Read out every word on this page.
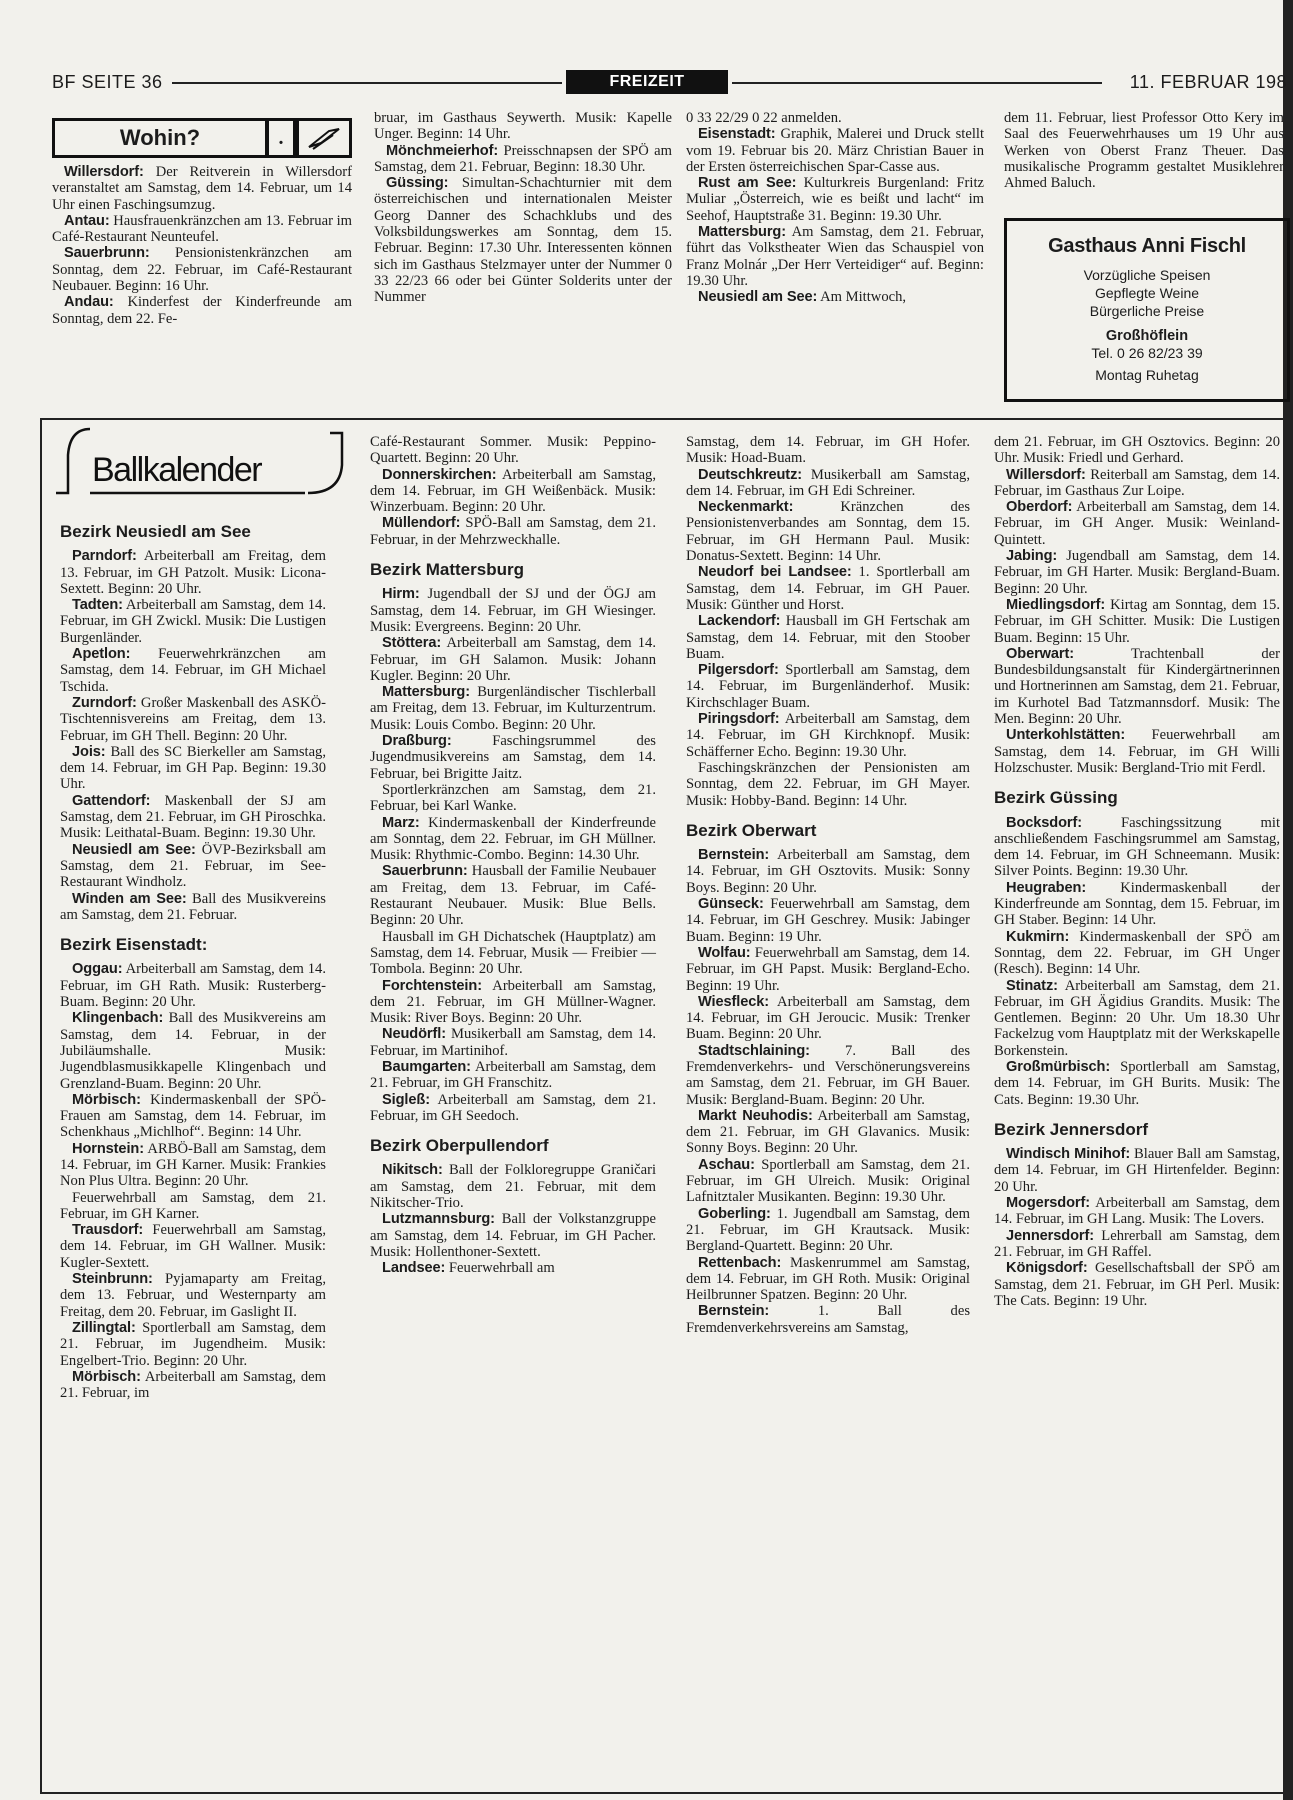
BF SEITE 36	FREIZEIT	11. FEBRUAR 198
Wohin?	.

Willersdorf: Der Reitverein in Willersdorf veranstaltet am Samstag, dem 14. Februar, um 14 Uhr einen Faschingsumzug.

Antau: Hausfrauenkränzchen am 13. Februar im Café-Restaurant Neunteufel.

Sauerbrunn: Pensionistenkränzchen am Sonntag, dem 22. Februar, im Café-Restaurant Neubauer. Beginn: 16 Uhr.

Andau: Kinderfest der Kinderfreunde am Sonntag, dem 22. Fe-

bruar, im Gasthaus Seywerth. Musik: Kapelle Unger. Beginn: 14 Uhr.

Mönchmeierhof: Preisschnapsen der SPÖ am Samstag, dem 21. Februar, Beginn: 18.30 Uhr.

Güssing: Simultan-Schachturnier mit dem österreichischen und internationalen Meister Georg Danner des Schachklubs und des Volksbildungswerkes am Sonntag, dem 15. Februar. Beginn: 17.30 Uhr. Interessenten können sich im Gasthaus Stelzmayer unter der Nummer 0 33 22/23 66 oder bei Günter Solderits unter der Nummer

0 33 22/29 0 22 anmelden.

Eisenstadt: Graphik, Malerei und Druck stellt vom 19. Februar bis 20. März Christian Bauer in der Ersten österreichischen Spar-Casse aus.

Rust am See: Kulturkreis Burgenland: Fritz Muliar „Österreich, wie es beißt und lacht“ im Seehof, Hauptstraße 31. Beginn: 19.30 Uhr.

Mattersburg: Am Samstag, dem 21. Februar, führt das Volkstheater Wien das Schauspiel von Franz Molnár „Der Herr Verteidiger“ auf. Beginn: 19.30 Uhr.

Neusiedl am See: Am Mittwoch,

dem 11. Februar, liest Professor Otto Kery im Saal des Feuerwehrhauses um 19 Uhr aus Werken von Oberst Franz Theuer. Das musikalische Programm gestaltet Musiklehrer Ahmed Baluch.

Gasthaus Anni Fischl
Vorzügliche Speisen
Gepflegte Weine
Bürgerliche Preise
Großhöflein
Tel. 0 26 82/23 39
Montag Ruhetag
Ballkalender
Bezirk Neusiedl am See

Parndorf: Arbeiterball am Freitag, dem 13. Februar, im GH Patzolt. Musik: Licona-Sextett. Beginn: 20 Uhr.

Tadten: Arbeiterball am Samstag, dem 14. Februar, im GH Zwickl. Musik: Die Lustigen Burgenländer.

Apetlon: Feuerwehrkränzchen am Samstag, dem 14. Februar, im GH Michael Tschida.

Zurndorf: Großer Maskenball des ASKÖ-Tischtennisvereins am Freitag, dem 13. Februar, im GH Thell. Beginn: 20 Uhr.

Jois: Ball des SC Bierkeller am Samstag, dem 14. Februar, im GH Pap. Beginn: 19.30 Uhr.

Gattendorf: Maskenball der SJ am Samstag, dem 21. Februar, im GH Piroschka. Musik: Leithatal-Buam. Beginn: 19.30 Uhr.

Neusiedl am See: ÖVP-Bezirksball am Samstag, dem 21. Februar, im See-Restaurant Windholz.

Winden am See: Ball des Musikvereins am Samstag, dem 21. Februar.

Bezirk Eisenstadt:

Oggau: Arbeiterball am Samstag, dem 14. Februar, im GH Rath. Musik: Rusterberg-Buam. Beginn: 20 Uhr.

Klingenbach: Ball des Musikvereins am Samstag, dem 14. Februar, in der Jubiläumshalle. Musik: Jugendblasmusikkapelle Klingenbach und Grenzland-Buam. Beginn: 20 Uhr.

Mörbisch: Kindermaskenball der SPÖ-Frauen am Samstag, dem 14. Februar, im Schenkhaus „Michlhof“. Beginn: 14 Uhr.

Hornstein: ARBÖ-Ball am Samstag, dem 14. Februar, im GH Karner. Musik: Frankies Non Plus Ultra. Beginn: 20 Uhr.

Feuerwehrball am Samstag, dem 21. Februar, im GH Karner.

Trausdorf: Feuerwehrball am Samstag, dem 14. Februar, im GH Wallner. Musik: Kugler-Sextett.

Steinbrunn: Pyjamaparty am Freitag, dem 13. Februar, und Westernparty am Freitag, dem 20. Februar, im Gaslight II.

Zillingtal: Sportlerball am Samstag, dem 21. Februar, im Jugendheim. Musik: Engelbert-Trio. Beginn: 20 Uhr.

Mörbisch: Arbeiterball am Samstag, dem 21. Februar, im

Café-Restaurant Sommer. Musik: Peppino-Quartett. Beginn: 20 Uhr.

Donnerskirchen: Arbeiterball am Samstag, dem 14. Februar, im GH Weißenbäck. Musik: Winzerbuam. Beginn: 20 Uhr.

Müllendorf: SPÖ-Ball am Samstag, dem 21. Februar, in der Mehrzweckhalle.

Bezirk Mattersburg

Hirm: Jugendball der SJ und der ÖGJ am Samstag, dem 14. Februar, im GH Wiesinger. Musik: Evergreens. Beginn: 20 Uhr.

Stöttera: Arbeiterball am Samstag, dem 14. Februar, im GH Salamon. Musik: Johann Kugler. Beginn: 20 Uhr.

Mattersburg: Burgenländischer Tischlerball am Freitag, dem 13. Februar, im Kulturzentrum. Musik: Louis Combo. Beginn: 20 Uhr.

Draßburg: Faschingsrummel des Jugendmusikvereins am Samstag, dem 14. Februar, bei Brigitte Jaitz.

Sportlerkränzchen am Samstag, dem 21. Februar, bei Karl Wanke.

Marz: Kindermaskenball der Kinderfreunde am Sonntag, dem 22. Februar, im GH Müllner. Musik: Rhythmic-Combo. Beginn: 14.30 Uhr.

Sauerbrunn: Hausball der Familie Neubauer am Freitag, dem 13. Februar, im Café-Restaurant Neubauer. Musik: Blue Bells. Beginn: 20 Uhr.

Hausball im GH Dichatschek (Hauptplatz) am Samstag, dem 14. Februar, Musik — Freibier — Tombola. Beginn: 20 Uhr.

Forchtenstein: Arbeiterball am Samstag, dem 21. Februar, im GH Müllner-Wagner. Musik: River Boys. Beginn: 20 Uhr.

Neudörfl: Musikerball am Samstag, dem 14. Februar, im Martinihof.

Baumgarten: Arbeiterball am Samstag, dem 21. Februar, im GH Franschitz.

Sigleß: Arbeiterball am Samstag, dem 21. Februar, im GH Seedoch.

Bezirk Oberpullendorf

Nikitsch: Ball der Folkloregruppe Graničari am Samstag, dem 21. Februar, mit dem Nikitscher-Trio.

Lutzmannsburg: Ball der Volkstanzgruppe am Samstag, dem 14. Februar, im GH Pacher. Musik: Hollenthoner-Sextett.

Landsee: Feuerwehrball am

Samstag, dem 14. Februar, im GH Hofer. Musik: Hoad-Buam.

Deutschkreutz: Musikerball am Samstag, dem 14. Februar, im GH Edi Schreiner.

Neckenmarkt: Kränzchen des Pensionistenverbandes am Sonntag, dem 15. Februar, im GH Hermann Paul. Musik: Donatus-Sextett. Beginn: 14 Uhr.

Neudorf bei Landsee: 1. Sportlerball am Samstag, dem 14. Februar, im GH Pauer. Musik: Günther und Horst.

Lackendorf: Hausball im GH Fertschak am Samstag, dem 14. Februar, mit den Stoober Buam.

Pilgersdorf: Sportlerball am Samstag, dem 14. Februar, im Burgenländerhof. Musik: Kirchschlager Buam.

Piringsdorf: Arbeiterball am Samstag, dem 14. Februar, im GH Kirchknopf. Musik: Schäfferner Echo. Beginn: 19.30 Uhr.

Faschingskränzchen der Pensionisten am Sonntag, dem 22. Februar, im GH Mayer. Musik: Hobby-Band. Beginn: 14 Uhr.

Bezirk Oberwart

Bernstein: Arbeiterball am Samstag, dem 14. Februar, im GH Osztovits. Musik: Sonny Boys. Beginn: 20 Uhr.

Günseck: Feuerwehrball am Samstag, dem 14. Februar, im GH Geschrey. Musik: Jabinger Buam. Beginn: 19 Uhr.

Wolfau: Feuerwehrball am Samstag, dem 14. Februar, im GH Papst. Musik: Bergland-Echo. Beginn: 19 Uhr.

Wiesfleck: Arbeiterball am Samstag, dem 14. Februar, im GH Jeroucic. Musik: Trenker Buam. Beginn: 20 Uhr.

Stadtschlaining: 7. Ball des Fremdenverkehrs- und Verschönerungsvereins am Samstag, dem 21. Februar, im GH Bauer. Musik: Bergland-Buam. Beginn: 20 Uhr.

Markt Neuhodis: Arbeiterball am Samstag, dem 21. Februar, im GH Glavanics. Musik: Sonny Boys. Beginn: 20 Uhr.

Aschau: Sportlerball am Samstag, dem 21. Februar, im GH Ulreich. Musik: Original Lafnitztaler Musikanten. Beginn: 19.30 Uhr.

Goberling: 1. Jugendball am Samstag, dem 21. Februar, im GH Krautsack. Musik: Bergland-Quartett. Beginn: 20 Uhr.

Rettenbach: Maskenrummel am Samstag, dem 14. Februar, im GH Roth. Musik: Original Heilbrunner Spatzen. Beginn: 20 Uhr.

Bernstein: 1. Ball des Fremdenverkehrsvereins am Samstag,

dem 21. Februar, im GH Osztovics. Beginn: 20 Uhr. Musik: Friedl und Gerhard.

Willersdorf: Reiterball am Samstag, dem 14. Februar, im Gasthaus Zur Loipe.

Oberdorf: Arbeiterball am Samstag, dem 14. Februar, im GH Anger. Musik: Weinland-Quintett.

Jabing: Jugendball am Samstag, dem 14. Februar, im GH Harter. Musik: Bergland-Buam. Beginn: 20 Uhr.

Miedlingsdorf: Kirtag am Sonntag, dem 15. Februar, im GH Schitter. Musik: Die Lustigen Buam. Beginn: 15 Uhr.

Oberwart: Trachtenball der Bundesbildungsanstalt für Kindergärtnerinnen und Hortnerinnen am Samstag, dem 21. Februar, im Kurhotel Bad Tatzmannsdorf. Musik: The Men. Beginn: 20 Uhr.

Unterkohlstätten: Feuerwehrball am Samstag, dem 14. Februar, im GH Willi Holzschuster. Musik: Bergland-Trio mit Ferdl.

Bezirk Güssing

Bocksdorf: Faschingssitzung mit anschließendem Faschingsrummel am Samstag, dem 14. Februar, im GH Schneemann. Musik: Silver Points. Beginn: 19.30 Uhr.

Heugraben: Kindermaskenball der Kinderfreunde am Sonntag, dem 15. Februar, im GH Staber. Beginn: 14 Uhr.

Kukmirn: Kindermaskenball der SPÖ am Sonntag, dem 22. Februar, im GH Unger (Resch). Beginn: 14 Uhr.

Stinatz: Arbeiterball am Samstag, dem 21. Februar, im GH Ägidius Grandits. Musik: The Gentlemen. Beginn: 20 Uhr. Um 18.30 Uhr Fackelzug vom Hauptplatz mit der Werkskapelle Borkenstein.

Großmürbisch: Sportlerball am Samstag, dem 14. Februar, im GH Burits. Musik: The Cats. Beginn: 19.30 Uhr.

Bezirk Jennersdorf

Windisch Minihof: Blauer Ball am Samstag, dem 14. Februar, im GH Hirtenfelder. Beginn: 20 Uhr.

Mogersdorf: Arbeiterball am Samstag, dem 14. Februar, im GH Lang. Musik: The Lovers.

Jennersdorf: Lehrerball am Samstag, dem 21. Februar, im GH Raffel.

Königsdorf: Gesellschaftsball der SPÖ am Samstag, dem 21. Februar, im GH Perl. Musik: The Cats. Beginn: 19 Uhr.
